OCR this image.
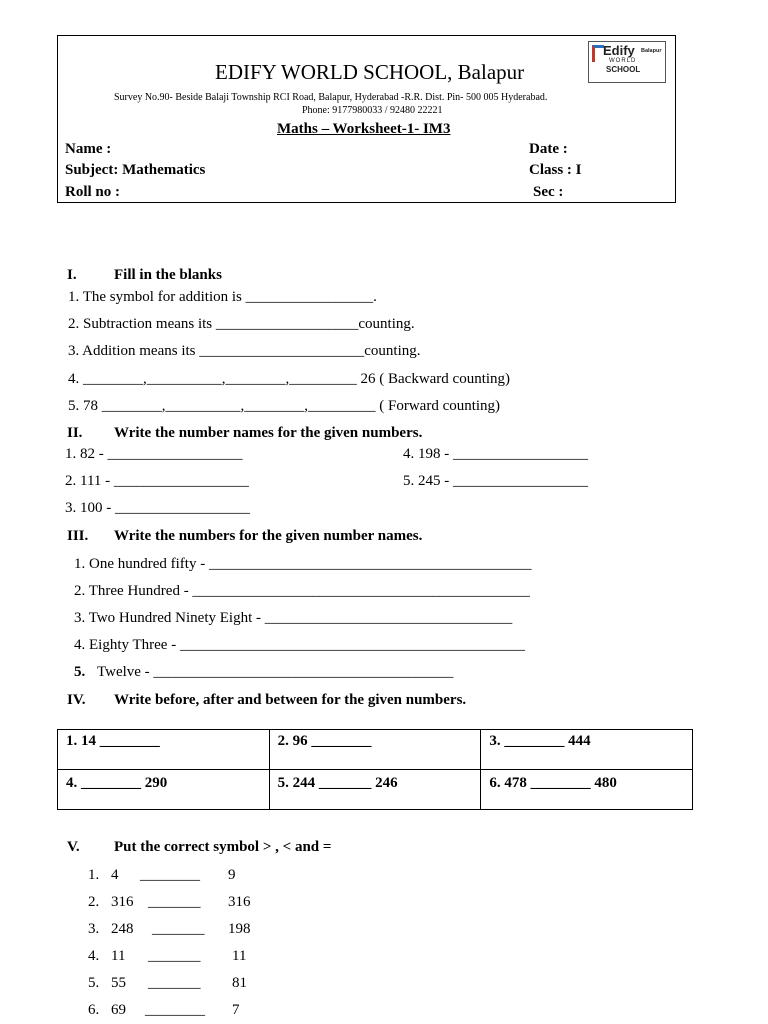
EDIFY WORLD SCHOOL, Balapur
Edify Balapur
WORLD
SCHOOL
Survey No.90- Beside Balaji Township RCI Road, Balapur, Hyderabad -R.R. Dist. Pin- 500 005 Hyderabad.
Phone: 9177980033 / 92480 22221
Maths – Worksheet-1- IM3
Name :	Date :
Subject: Mathematics	Class : I
Roll no :	Sec :
I. Fill in the blanks
1. The symbol for addition is _________________.
2. Subtraction means its ___________________counting.
3. Addition means its ______________________counting.
4. ________,__________,________,_________ 26 ( Backward counting)
5. 78 ________,__________,________,_________ ( Forward counting)
II. Write the number names for the given numbers.
1. 82 - __________________
2. 111 - __________________
3. 100 - __________________
4. 198 - __________________
5. 245 - __________________
III. Write the numbers for the given number names.
1. One hundred fifty - ___________________________________________
2. Three Hundred - _____________________________________________
3. Two Hundred Ninety Eight - _________________________________
4. Eighty Three - ______________________________________________
5. Twelve - ________________________________________
IV. Write before, after and between for the given numbers.
1. 14 ________	2. 96 ________	3. ________ 444
4. ________ 290	5. 244 _______ 246	6. 478 ________ 480
V. Put the correct symbol > , < and =
1. 4 ________ 9
2. 316 _______ 316
3. 248 _______ 198
4. 11 _______ 11
5. 55 _______ 81
6. 69 ________ 7
